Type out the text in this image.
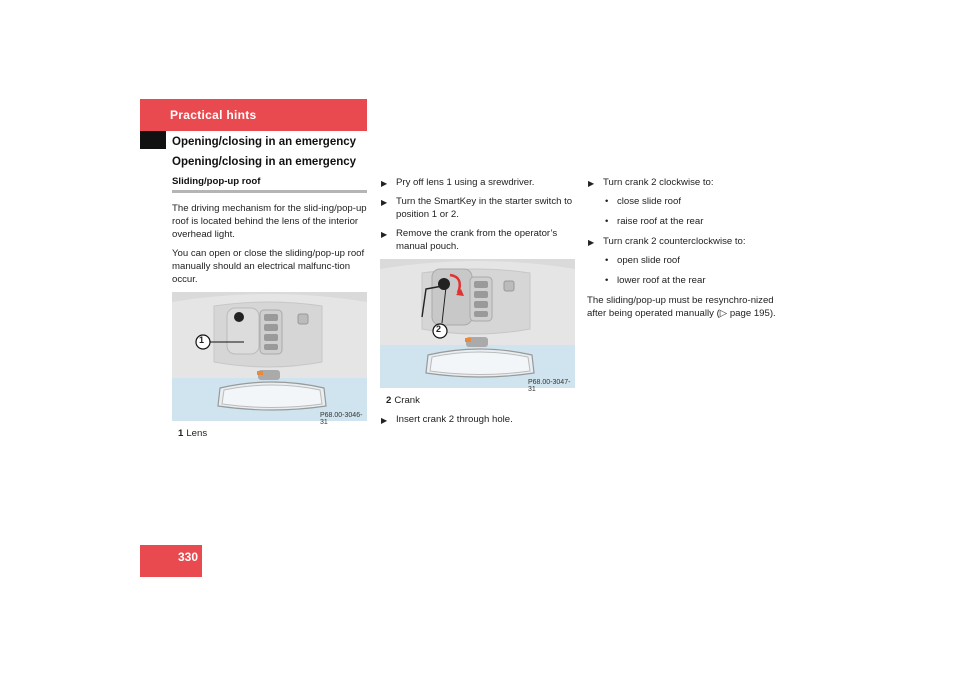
Practical hints
Opening/closing in an emergency
Opening/closing in an emergency
Sliding/pop-up roof

The driving mechanism for the slid-ing/pop-up roof is located behind the lens of the interior overhead light.

You can open or close the sliding/pop-up roof manually should an electrical malfunc-tion occur.

1
P68.00-3046-31
1 Lens
▶ Pry off lens 1 using a srewdriver.
▶ Turn the SmartKey in the starter switch to position 1 or 2.
▶ Remove the crank from the operator’s manual pouch.
2
P68.00-3047-31
2 Crank
▶ Insert crank 2 through hole.
▶ Turn crank 2 clockwise to:
• close slide roof
• raise roof at the rear
▶ Turn crank 2 counterclockwise to:
• open slide roof
• lower roof at the rear

The sliding/pop-up must be resynchro-nized after being operated manually (▷ page 195).

330
